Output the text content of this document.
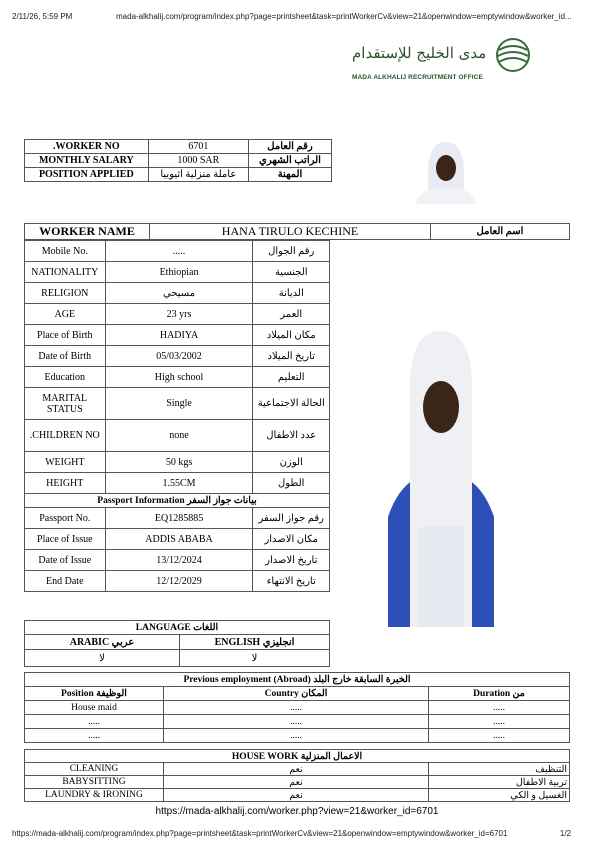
2/11/26, 5:59 PM	mada-alkhalij.com/program/index.php?page=printsheet&task=printWorkerCv&view=21&openwindow=emptywindow&worker_id...
مدى الخليج للإستقدام
MADA ALKHALIJ RECRUITMENT OFFICE
.WORKER NO	6701	رقم العامل
MONTHLY SALARY	1000 SAR	الراتب الشهري
POSITION APPLIED	عاملة منزلية اثيوبيا	المهنة
WORKER NAME	HANA TIRULO KECHINE	اسم العامل
Mobile No.	.....	رقم الجوال
NATIONALITY	Ethiopian	الجنسية
RELIGION	مسيحي	الديانة
AGE	23 yrs	العمر
Place of Birth	HADIYA	مكان الميلاد
Date of Birth	05/03/2002	تاريخ الميلاد
Education	High school	التعليم
MARITAL STATUS	Single	الحالة الاجتماعية
.CHILDREN NO	none	عدد الاطفال
WEIGHT	50 kgs	الوزن
HEIGHT	1.55CM	الطول
Passport Information بيانات جواز السفر		
Passport No.	EQ1285885	رقم جواز السفر
Place of Issue	ADDIS ABABA	مكان الاصدار
Date of Issue	13/12/2024	تاريخ الاصدار
End Date	12/12/2029	تاريخ الانتهاء
LANGUAGE اللغات	
ARABIC عربي	ENGLISH انجليزي
لا	لا
Previous employment (Abroad) الخبرة السابقة خارج البلد		
Position الوظيفة	Country المكان	Duration من
House maid	.....	.....
.....	.....	.....
.....	.....	.....
HOUSE WORK الاعمال المنزلية		
CLEANING	نعم	التنظيف
BABYSITTING	نعم	تربية الاطفال
LAUNDRY & IRONING	نعم	الغسيل و الكي
https://mada-alkhalij.com/worker.php?view=21&worker_id=6701
https://mada-alkhalij.com/program/index.php?page=printsheet&task=printWorkerCv&view=21&openwindow=emptywindow&worker_id=6701	1/2
